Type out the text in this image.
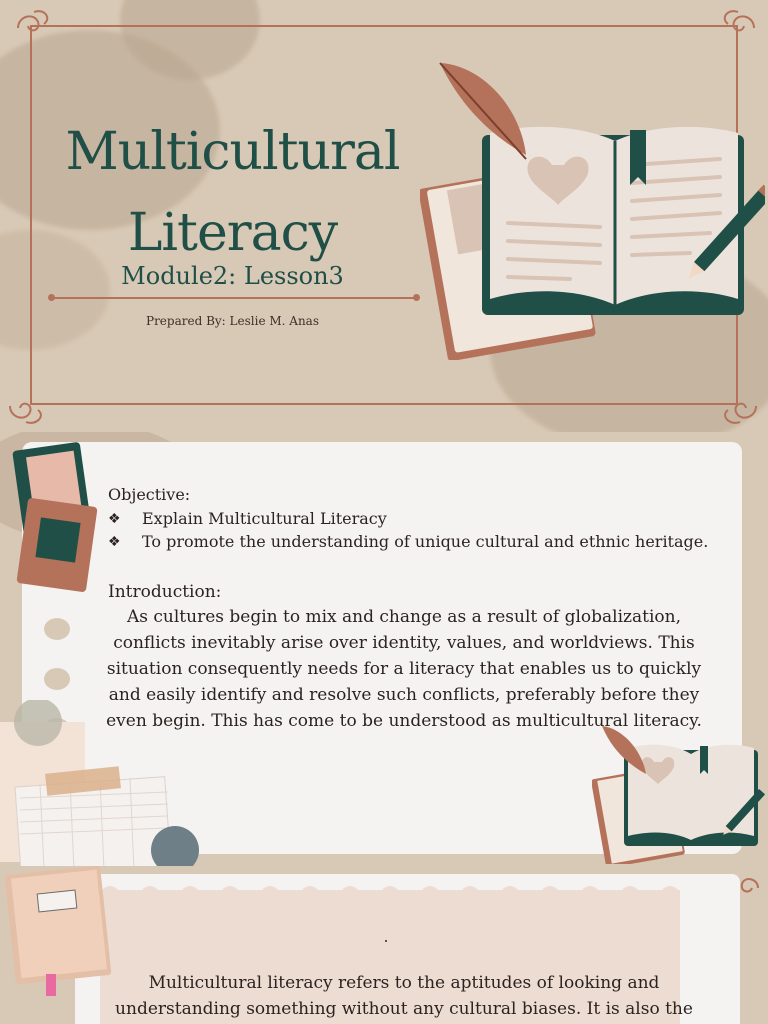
Multicultural Literacy
Module2: Lesson3
Prepared By: Leslie M. Anas
Objective:
❖	Explain Multicultural Literacy
❖	To promote the understanding of unique cultural and ethnic heritage.
Introduction:
As cultures begin to mix and change as a result of globalization, conflicts inevitably arise over identity, values, and worldviews. This situation consequently needs for a literacy that enables us to quickly and easily identify and resolve such conflicts, preferably before they even begin. This has come to be understood as multicultural literacy.
Multicultural literacy refers to the aptitudes of looking and understanding something without any cultural biases. It is also the
